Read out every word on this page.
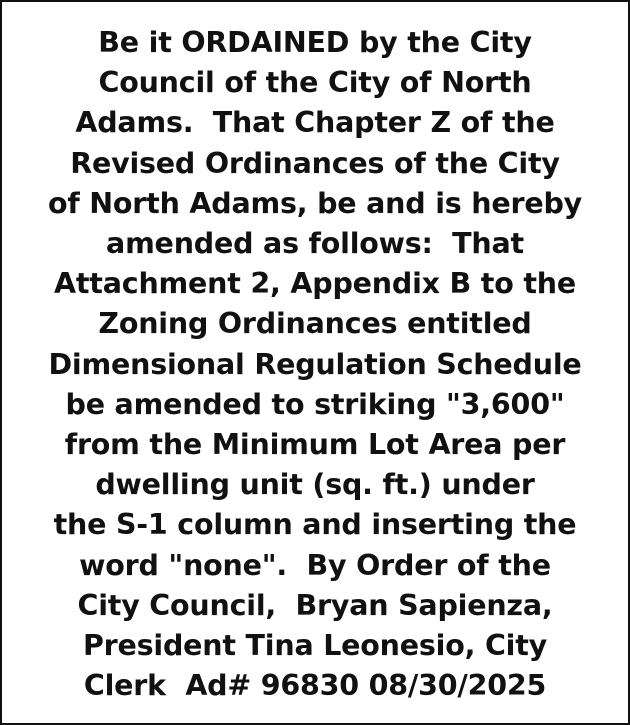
Be it ORDAINED by the City
Council of the City of North
Adams.  That Chapter Z of the
Revised Ordinances of the City
of North Adams, be and is hereby
amended as follows:  That
Attachment 2, Appendix B to the
Zoning Ordinances entitled
Dimensional Regulation Schedule
be amended to striking "3,600"
from the Minimum Lot Area per
dwelling unit (sq. ft.) under
the S-1 column and inserting the
word "none".  By Order of the
City Council,  Bryan Sapienza,
President Tina Leonesio, City
Clerk  Ad# 96830 08/30/2025
